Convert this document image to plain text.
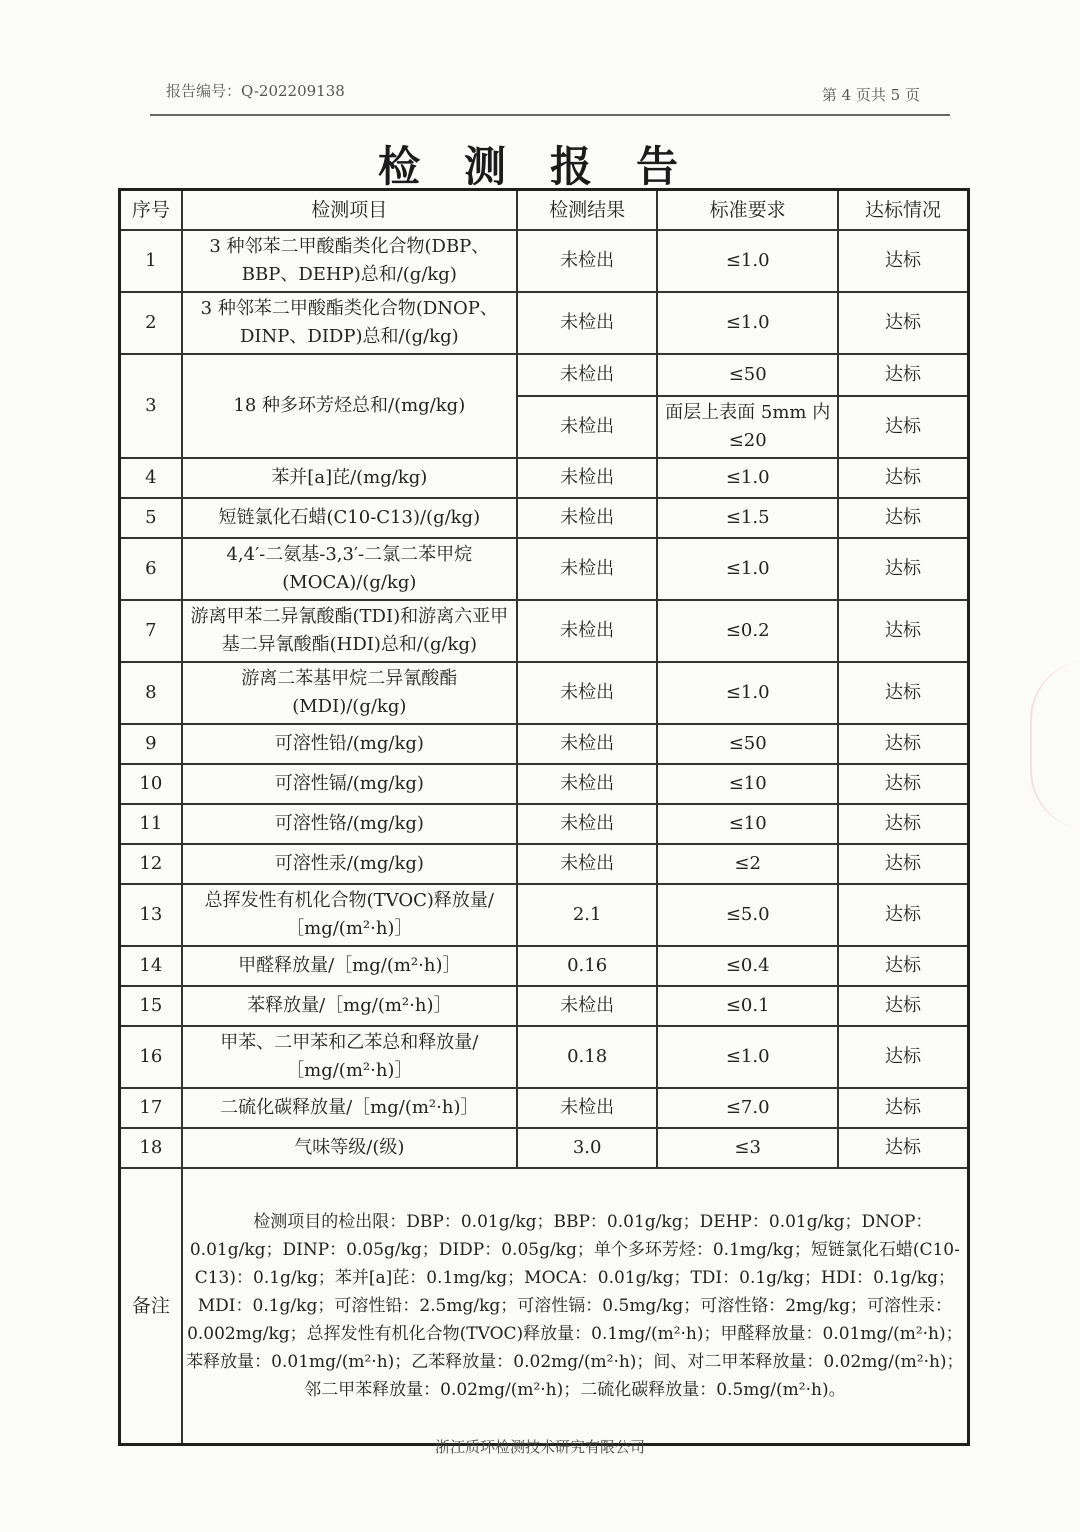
报告编号：Q-202209138	第 4 页共 5 页
检测报告
序号	检测项目	检测结果	标准要求	达标情况
1	3 种邻苯二甲酸酯类化合物(DBP、BBP、DEHP)总和/(g/kg)	未检出	≤1.0	达标
2	3 种邻苯二甲酸酯类化合物(DNOP、DINP、DIDP)总和/(g/kg)	未检出	≤1.0	达标
3	18 种多环芳烃总和/(mg/kg)	未检出	≤50	达标
		未检出	面层上表面 5mm 内 ≤20	达标
4	苯并[a]芘/(mg/kg)	未检出	≤1.0	达标
5	短链氯化石蜡(C10-C13)/(g/kg)	未检出	≤1.5	达标
6	4,4′-二氨基-3,3′-二氯二苯甲烷(MOCA)/(g/kg)	未检出	≤1.0	达标
7	游离甲苯二异氰酸酯(TDI)和游离六亚甲基二异氰酸酯(HDI)总和/(g/kg)	未检出	≤0.2	达标
8	游离二苯基甲烷二异氰酸酯(MDI)/(g/kg)	未检出	≤1.0	达标
9	可溶性铅/(mg/kg)	未检出	≤50	达标
10	可溶性镉/(mg/kg)	未检出	≤10	达标
11	可溶性铬/(mg/kg)	未检出	≤10	达标
12	可溶性汞/(mg/kg)	未检出	≤2	达标
13	总挥发性有机化合物(TVOC)释放量/［mg/(m²·h)］	2.1	≤5.0	达标
14	甲醛释放量/［mg/(m²·h)］	0.16	≤0.4	达标
15	苯释放量/［mg/(m²·h)］	未检出	≤0.1	达标
16	甲苯、二甲苯和乙苯总和释放量/［mg/(m²·h)］	0.18	≤1.0	达标
17	二硫化碳释放量/［mg/(m²·h)］	未检出	≤7.0	达标
18	气味等级/(级)	3.0	≤3	达标
备注	检测项目的检出限：DBP：0.01g/kg；BBP：0.01g/kg；DEHP：0.01g/kg；DNOP：0.01g/kg；DINP：0.05g/kg；DIDP：0.05g/kg；单个多环芳烃：0.1mg/kg；短链氯化石蜡(C10-C13)：0.1g/kg；苯并[a]芘：0.1mg/kg；MOCA：0.01g/kg；TDI：0.1g/kg；HDI：0.1g/kg；MDI：0.1g/kg；可溶性铅：2.5mg/kg；可溶性镉：0.5mg/kg；可溶性铬：2mg/kg；可溶性汞：0.002mg/kg；总挥发性有机化合物(TVOC)释放量：0.1mg/(m²·h)；甲醛释放量：0.01mg/(m²·h)；苯释放量：0.01mg/(m²·h)；乙苯释放量：0.02mg/(m²·h)；间、对二甲苯释放量：0.02mg/(m²·h)；邻二甲苯释放量：0.02mg/(m²·h)；二硫化碳释放量：0.5mg/(m²·h)。			
浙江质环检测技术研究有限公司
